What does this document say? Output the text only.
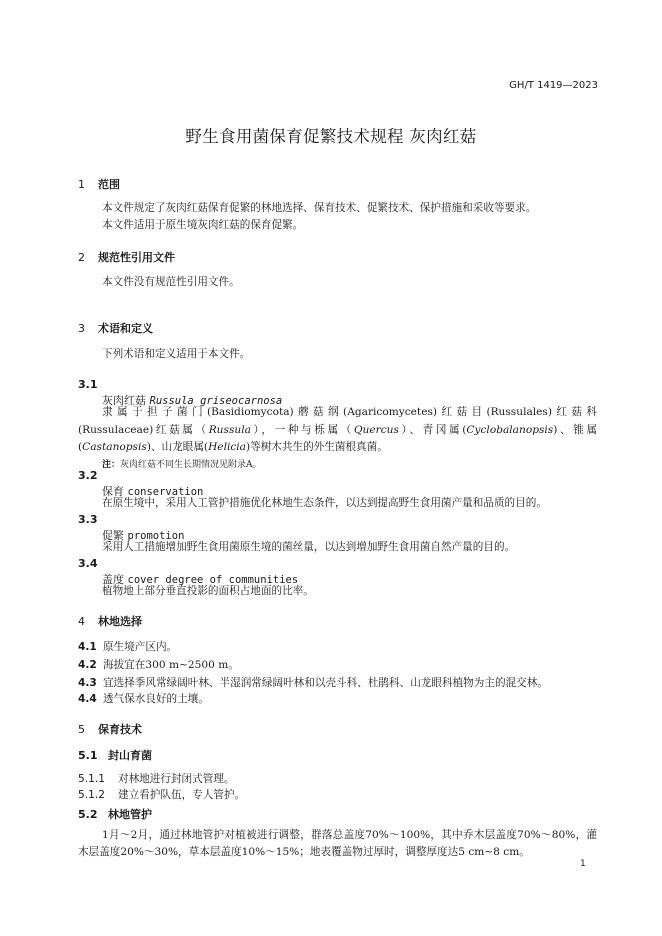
GH/T 1419—2023
野生食用菌保育促繁技术规程 灰肉红菇
1 范围
本文件规定了灰肉红菇保育促繁的林地选择、保育技术、促繁技术、保护措施和采收等要求。
本文件适用于原生境灰肉红菇的保育促繁。
2 规范性引用文件
本文件没有规范性引用文件。
3 术语和定义
下列术语和定义适用于本文件。
3.1
灰肉红菇 Russula griseocarnosa
隶属于担子菌门(Basidiomycota)蘑菇纲(Agaricomycetes)红菇目(Russulales)红菇科
(Russulaceae)红菇属（Russula），一种与栎属（Quercus）、青冈属(Cyclobalanopsis)、锥属
(Castanopsis)、山龙眼属(Helicia)等树木共生的外生菌根真菌。
注：灰肉红菇不同生长期情况见附录A。
3.2
保育 conservation
在原生境中，采用人工管护措施优化林地生态条件，以达到提高野生食用菌产量和品质的目的。
3.3
促繁 promotion
采用人工措施增加野生食用菌原生境的菌丝量，以达到增加野生食用菌自然产量的目的。
3.4
盖度 cover degree of communities
植物地上部分垂直投影的面积占地面的比率。
4 林地选择
4.1 原生境产区内。
4.2 海拔宜在300 m~2500 m。
4.3 宜选择季风常绿阔叶林、半湿润常绿阔叶林和以壳斗科、杜鹃科、山龙眼科植物为主的混交林。
4.4 透气保水良好的土壤。
5 保育技术
5.1 封山育菌
5.1.1 对林地进行封闭式管理。
5.1.2 建立看护队伍，专人管护。
5.2 林地管护
1月～2月，通过林地管护对植被进行调整，群落总盖度70%～100%，其中乔木层盖度70%～80%，灌
木层盖度20%～30%，草本层盖度10%～15%；地表覆盖物过厚时，调整厚度达5 cm~8 cm。
1
